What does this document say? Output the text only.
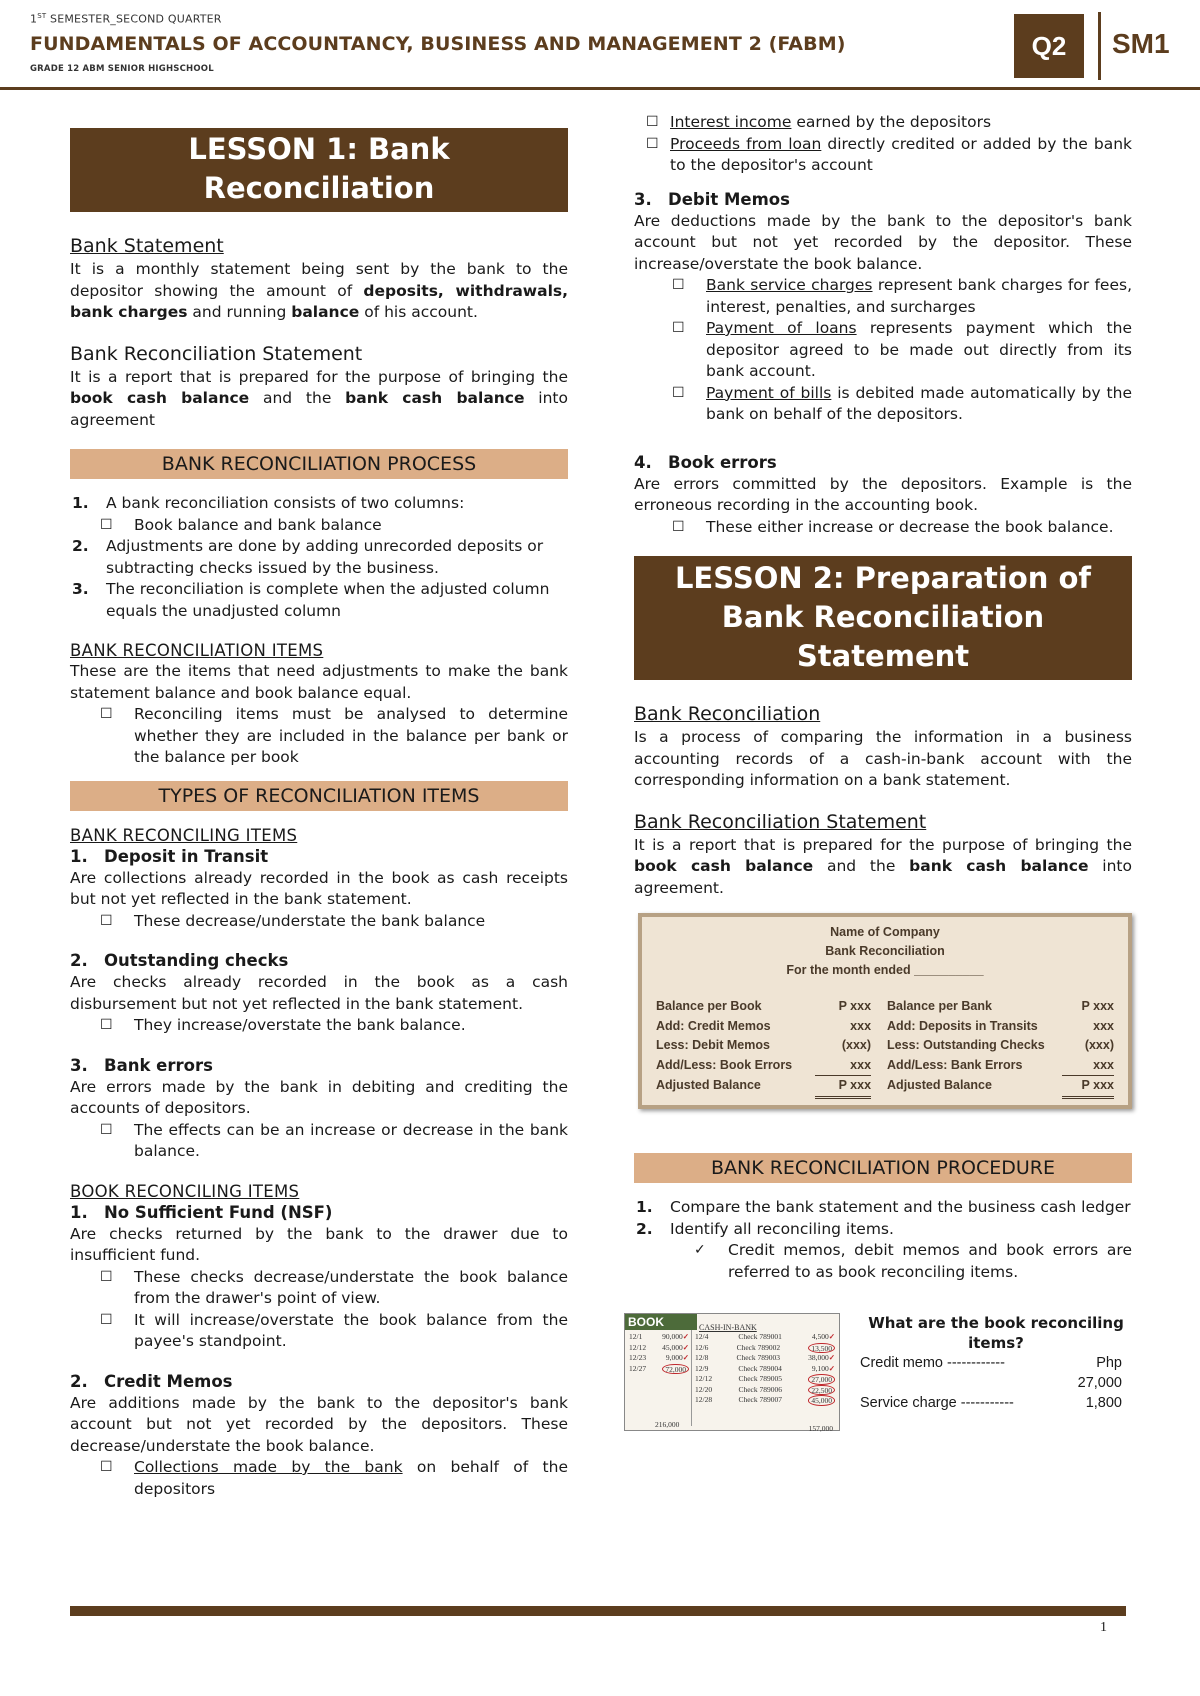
1ST SEMESTER_SECOND QUARTER
FUNDAMENTALS OF ACCOUNTANCY, BUSINESS AND MANAGEMENT 2 (FABM)
GRADE 12 ABM SENIOR HIGHSCHOOL
Q2	SM1
LESSON 1: Bank Reconciliation
Bank Statement

It is a monthly statement being sent by the bank to the depositor showing the amount of deposits, withdrawals, bank charges and running balance of his account.

Bank Reconciliation Statement

It is a report that is prepared for the purpose of bringing the book cash balance and the bank cash balance into agreement

BANK RECONCILIATION PROCESS
1. A bank reconciliation consists of two columns:
☐ Book balance and bank balance
2. Adjustments are done by adding unrecorded deposits or subtracting checks issued by the business.
3. The reconciliation is complete when the adjusted column equals the unadjusted column
BANK RECONCILIATION ITEMS

These are the items that need adjustments to make the bank statement balance and book balance equal.

☐ Reconciling items must be analysed to determine whether they are included in the balance per bank or the balance per book
TYPES OF RECONCILIATION ITEMS
BANK RECONCILING ITEMS
1. Deposit in Transit

Are collections already recorded in the book as cash receipts but not yet reflected in the bank statement.

☐ These decrease/understate the bank balance
2. Outstanding checks

Are checks already recorded in the book as a cash disbursement but not yet reflected in the bank statement.

☐ They increase/overstate the bank balance.
3. Bank errors

Are errors made by the bank in debiting and crediting the accounts of depositors.

☐ The effects can be an increase or decrease in the bank balance.
BOOK RECONCILING ITEMS
1. No Sufficient Fund (NSF)

Are checks returned by the bank to the drawer due to insufficient fund.

☐ These checks decrease/understate the book balance from the drawer's point of view.
☐ It will increase/overstate the book balance from the payee's standpoint.
2. Credit Memos

Are additions made by the bank to the depositor's bank account but not yet recorded by the depositors. These decrease/understate the book balance.

☐ Collections made by the bank on behalf of the depositors
☐ Interest income earned by the depositors
☐ Proceeds from loan directly credited or added by the bank to the depositor's account
3. Debit Memos

Are deductions made by the bank to the depositor's bank account but not yet recorded by the depositor. These increase/overstate the book balance.

☐ Bank service charges represent bank charges for fees, interest, penalties, and surcharges
☐ Payment of loans represents payment which the depositor agreed to be made out directly from its bank account.
☐ Payment of bills is debited made automatically by the bank on behalf of the depositors.
4. Book errors

Are errors committed by the depositors. Example is the erroneous recording in the accounting book.

☐ These either increase or decrease the book balance.
LESSON 2: Preparation of Bank Reconciliation Statement
Bank Reconciliation

Is a process of comparing the information in a business accounting records of a cash-in-bank account with the corresponding information on a bank statement.

Bank Reconciliation Statement

It is a report that is prepared for the purpose of bringing the book cash balance and the bank cash balance into agreement.

Name of Company
Bank Reconciliation
For the month ended __________
Balance per Book	P xxx	Balance per Bank	P xxx
Add: Credit Memos	xxx	Add: Deposits in Transits	xxx
Less: Debit Memos	(xxx)	Less: Outstanding Checks	(xxx)
Add/Less: Book Errors	xxx	Add/Less: Bank Errors	xxx
Adjusted Balance	P xxx	Adjusted Balance	P xxx
BANK RECONCILIATION PROCEDURE
1. Compare the bank statement and the business cash ledger
2. Identify all reconciling items.
✓	Credit memos, debit memos and book errors are referred to as book reconciling items.
BOOK	CASH-IN-BANK
12/1	90,000✓
12/12 45,000✓
12/23	9,000✓
12/27	72,000
216,000
12/4	Check 789001	4,500✓
12/6	Check 789002	13,500
12/8	Check 789003	38,000✓
12/9	Check 789004	9,100✓
12/12	Check 789005	27,000
12/20	Check 789006	22,500
12/28	Check 789007	45,000
157,000
What are the book reconciling items?
Credit memo ------------	Php 27,000
Service charge -----------	1,800
1
